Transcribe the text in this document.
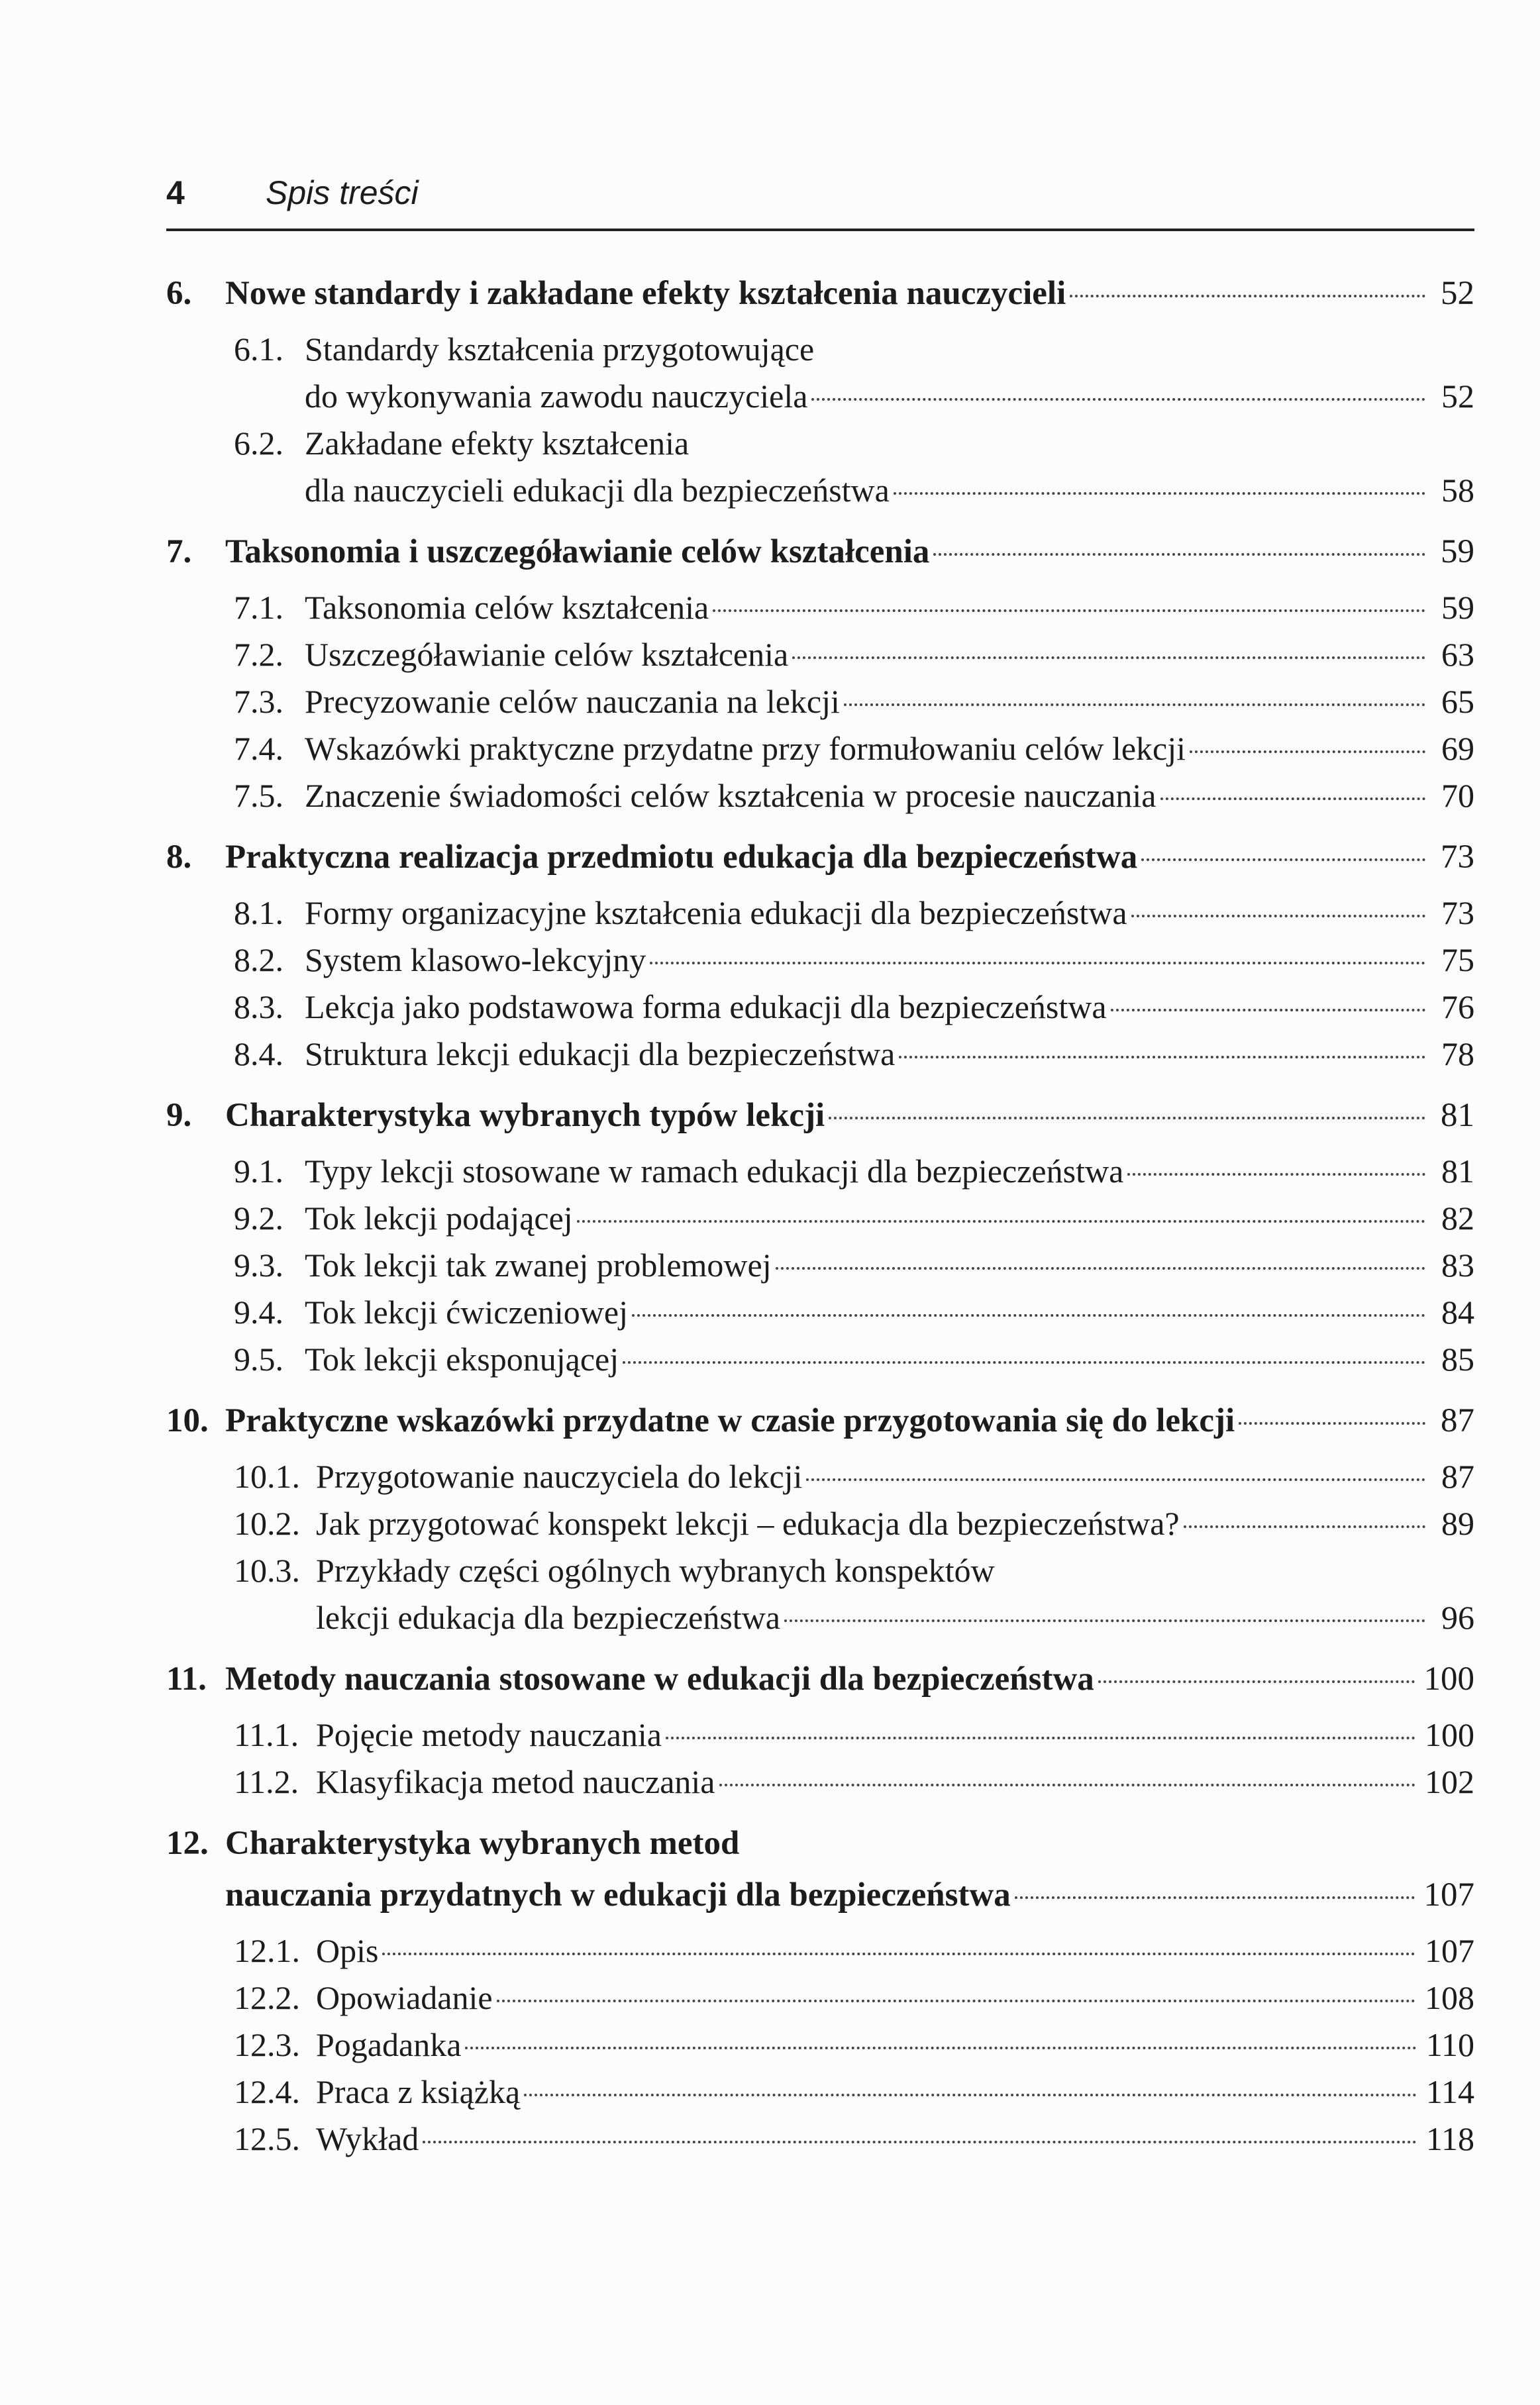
4	Spis treści
6. Nowe standardy i zakładane efekty kształcenia nauczycieli	52
6.1. Standardy kształcenia przygotowujące
do wykonywania zawodu nauczyciela	52
6.2. Zakładane efekty kształcenia
dla nauczycieli edukacji dla bezpieczeństwa	58
7. Taksonomia i uszczegóławianie celów kształcenia	59
7.1. Taksonomia celów kształcenia	59
7.2. Uszczegóławianie celów kształcenia	63
7.3. Precyzowanie celów nauczania na lekcji	65
7.4. Wskazówki praktyczne przydatne przy formułowaniu celów lekcji	69
7.5. Znaczenie świadomości celów kształcenia w procesie nauczania	70
8. Praktyczna realizacja przedmiotu edukacja dla bezpieczeństwa	73
8.1. Formy organizacyjne kształcenia edukacji dla bezpieczeństwa	73
8.2. System klasowo-lekcyjny	75
8.3. Lekcja jako podstawowa forma edukacji dla bezpieczeństwa	76
8.4. Struktura lekcji edukacji dla bezpieczeństwa	78
9. Charakterystyka wybranych typów lekcji	81
9.1. Typy lekcji stosowane w ramach edukacji dla bezpieczeństwa	81
9.2. Tok lekcji podającej	82
9.3. Tok lekcji tak zwanej problemowej	83
9.4. Tok lekcji ćwiczeniowej	84
9.5. Tok lekcji eksponującej	85
10. Praktyczne wskazówki przydatne w czasie przygotowania się do lekcji	87
10.1. Przygotowanie nauczyciela do lekcji	87
10.2. Jak przygotować konspekt lekcji – edukacja dla bezpieczeństwa?	89
10.3. Przykłady części ogólnych wybranych konspektów
lekcji edukacja dla bezpieczeństwa	96
11. Metody nauczania stosowane w edukacji dla bezpieczeństwa	100
11.1. Pojęcie metody nauczania	100
11.2. Klasyfikacja metod nauczania	102
12. Charakterystyka wybranych metod
nauczania przydatnych w edukacji dla bezpieczeństwa	107
12.1. Opis	107
12.2. Opowiadanie	108
12.3. Pogadanka	110
12.4. Praca z książką	114
12.5. Wykład	118
